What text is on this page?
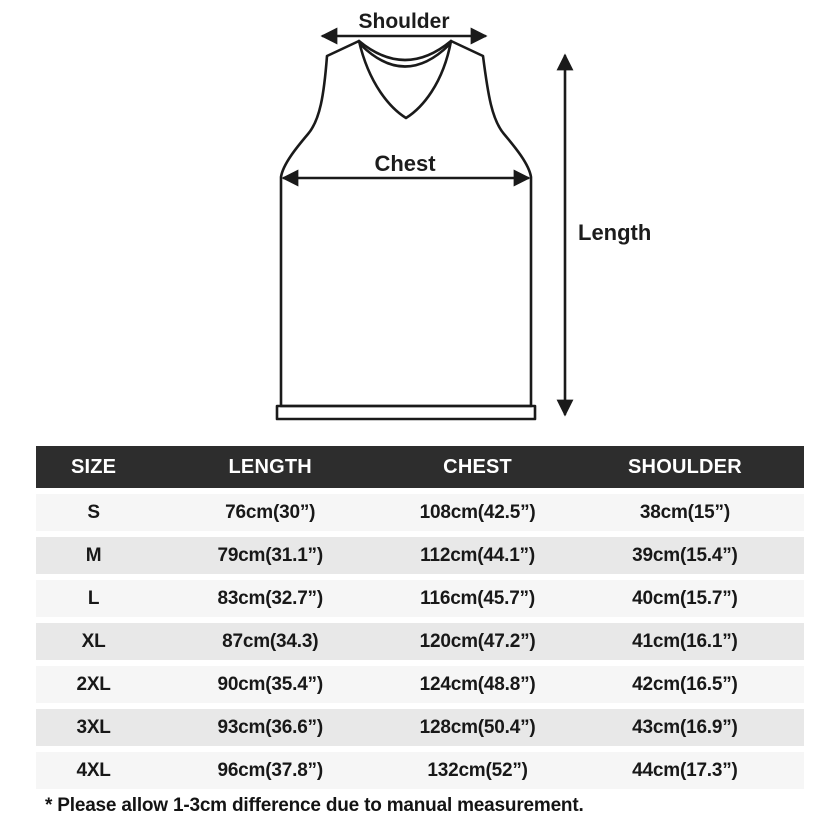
Shoulder
Chest
Length
SIZE	LENGTH	CHEST	SHOULDER
S	76cm(30”)	108cm(42.5”)	38cm(15”)
M	79cm(31.1”)	112cm(44.1”)	39cm(15.4”)
L	83cm(32.7”)	116cm(45.7”)	40cm(15.7”)
XL	87cm(34.3)	120cm(47.2”)	41cm(16.1”)
2XL	90cm(35.4”)	124cm(48.8”)	42cm(16.5”)
3XL	93cm(36.6”)	128cm(50.4”)	43cm(16.9”)
4XL	96cm(37.8”)	132cm(52”)	44cm(17.3”)
* Please allow 1-3cm difference due to manual measurement.
